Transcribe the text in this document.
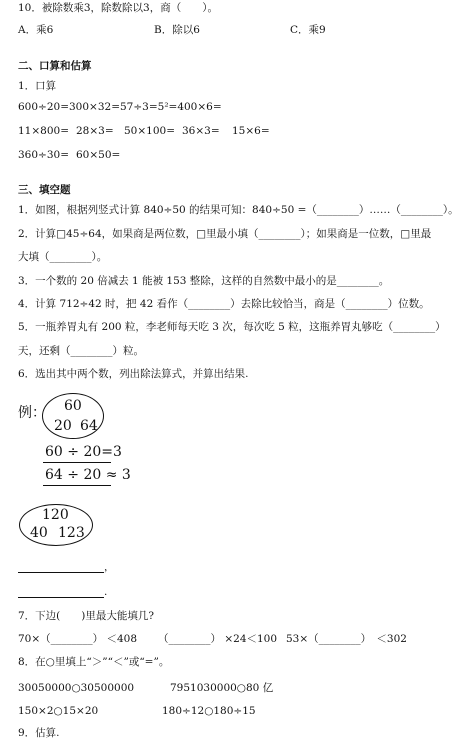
10．被除数乘3，除数除以3，商（　　）。
A．乘6	B．除以6	C．乘9
二、口算和估算
1．口算
600÷20=300×32=57÷3=5²=400×6=
11×800= 28×3= 50×100= 36×3= 15×6=
360÷30= 60×50=
三、填空题
1．如图，根据列竖式计算 840÷50 的结果可知：840÷50 =（________）……（________）。
2．计算□45÷64，如果商是两位数，□里最小填（________）；如果商是一位数，□里最
大填（________）。
3．一个数的 20 倍减去 1 能被 153 整除，这样的自然数中最小的是________。
4．计算 712÷42 时，把 42 看作（________）去除比较恰当，商是（________）位数。
5．一瓶养胃丸有 200 粒，李老师每天吃 3 次，每次吃 5 粒，这瓶养胃丸够吃（________）
天，还剩（________）粒。
6．选出其中两个数，列出除法算式，并算出结果.
例： 60
20 64
60 ÷ 20=3
64 ÷ 20 ≈ 3
120
40 123
，
.
7．下边(　　)里最大能填几?
70×（________） ＜408 （________） ×24＜100 53×（________）　＜302
8．在○里填上“＞”“＜”或“=”。
30050000○30500000	7951030000○80 亿
150×2○15×20	180÷12○180÷15
9．估算.
